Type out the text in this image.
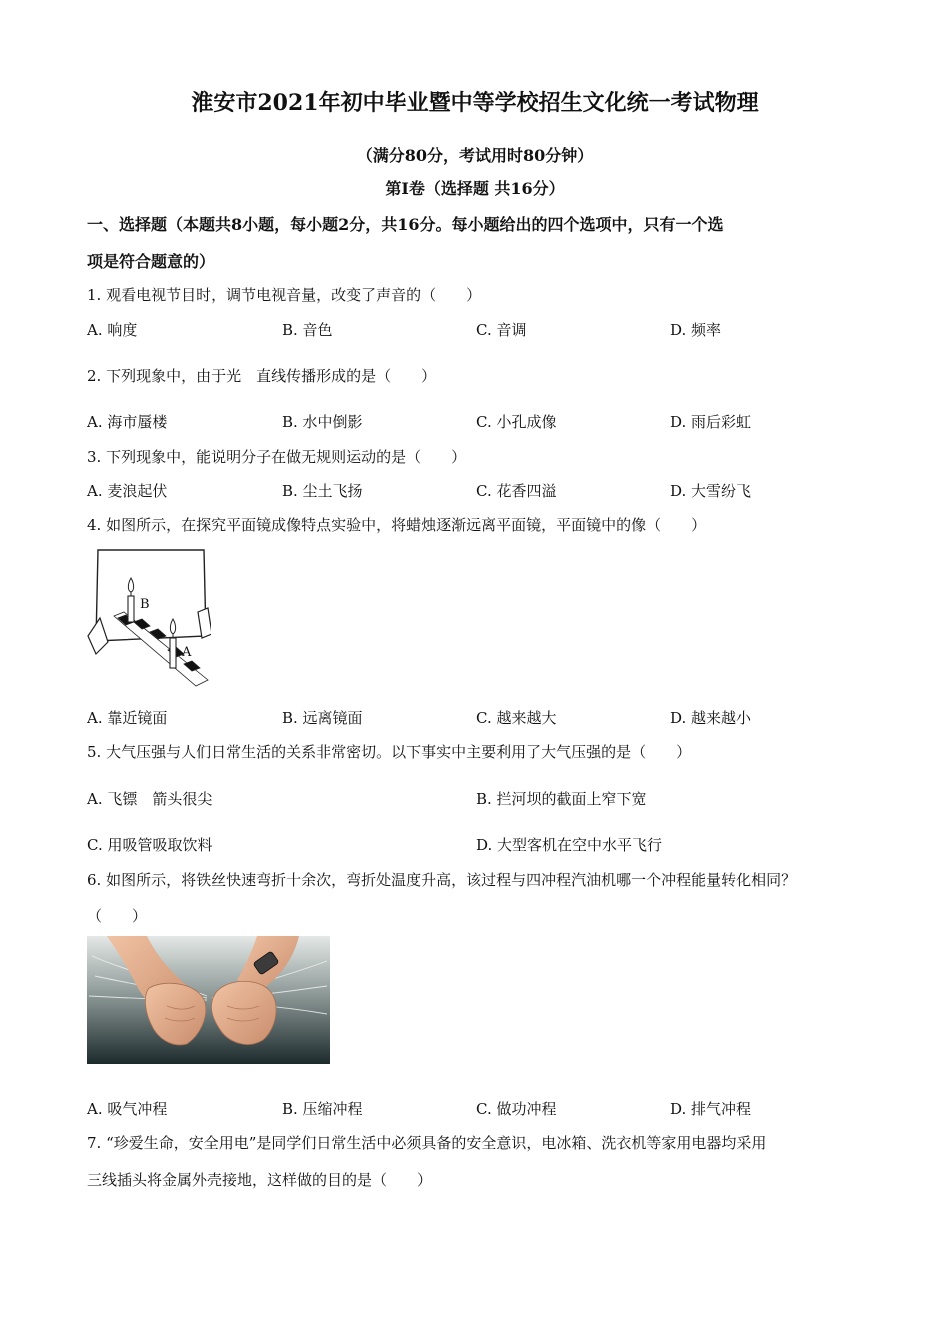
淮安市2021年初中毕业暨中等学校招生文化统一考试物理
（满分80分，考试用时80分钟）
第Ⅰ卷（选择题 共16分）
一、选择题（本题共8小题，每小题2分，共16分。每小题给出的四个选项中，只有一个选
项是符合题意的）
1. 观看电视节目时，调节电视音量，改变了声音的（　　）
A. 响度	B. 音色	C. 音调	D. 频率
2. 下列现象中，由于光　直线传播形成的是（　　）
A. 海市蜃楼	B. 水中倒影	C. 小孔成像	D. 雨后彩虹
3. 下列现象中，能说明分子在做无规则运动的是（　　）
A. 麦浪起伏	B. 尘土飞扬	C. 花香四溢	D. 大雪纷飞
4. 如图所示，在探究平面镜成像特点实验中，将蜡烛逐渐远离平面镜，平面镜中的像（　　）
B
A
A. 靠近镜面	B. 远离镜面	C. 越来越大	D. 越来越小
5. 大气压强与人们日常生活的关系非常密切。以下事实中主要利用了大气压强的是（　　）
A. 飞镖　箭头很尖	B. 拦河坝的截面上窄下宽
C. 用吸管吸取饮料	D. 大型客机在空中水平飞行
6. 如图所示，将铁丝快速弯折十余次，弯折处温度升高，该过程与四冲程汽油机哪一个冲程能量转化相同？
（　　）
A. 吸气冲程	B. 压缩冲程	C. 做功冲程	D. 排气冲程
7. “珍爱生命，安全用电”是同学们日常生活中必须具备的安全意识，电冰箱、洗衣机等家用电器均采用
三线插头将金属外壳接地，这样做的目的是（　　）
